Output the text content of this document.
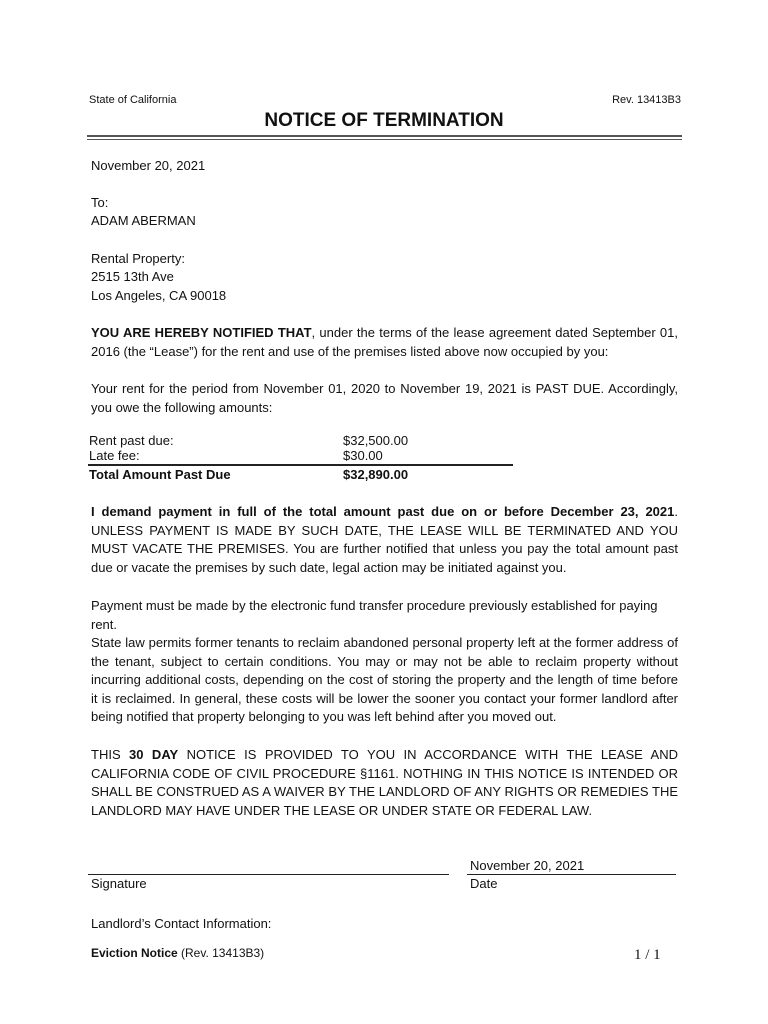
State of California	Rev. 13413B3
NOTICE OF TERMINATION
November 20, 2021
To:
ADAM ABERMAN
Rental Property:
2515 13th Ave
Los Angeles, CA 90018
YOU ARE HEREBY NOTIFIED THAT, under the terms of the lease agreement dated September 01, 2016 (the “Lease”) for the rent and use of the premises listed above now occupied by you:
Your rent for the period from November 01, 2020 to November 19, 2021 is PAST DUE. Accordingly, you owe the following amounts:
Rent past due:	$32,500.00
Late fee:	$30.00
Total Amount Past Due	$32,890.00
I demand payment in full of the total amount past due on or before December 23, 2021. UNLESS PAYMENT IS MADE BY SUCH DATE, THE LEASE WILL BE TERMINATED AND YOU MUST VACATE THE PREMISES. You are further notified that unless you pay the total amount past due or vacate the premises by such date, legal action may be initiated against you.
Payment must be made by the electronic fund transfer procedure previously established for paying rent.
State law permits former tenants to reclaim abandoned personal property left at the former address of the tenant, subject to certain conditions. You may or may not be able to reclaim property without incurring additional costs, depending on the cost of storing the property and the length of time before it is reclaimed. In general, these costs will be lower the sooner you contact your former landlord after being notified that property belonging to you was left behind after you moved out.
THIS 30 DAY NOTICE IS PROVIDED TO YOU IN ACCORDANCE WITH THE LEASE AND CALIFORNIA CODE OF CIVIL PROCEDURE §1161. NOTHING IN THIS NOTICE IS INTENDED OR SHALL BE CONSTRUED AS A WAIVER BY THE LANDLORD OF ANY RIGHTS OR REMEDIES THE LANDLORD MAY HAVE UNDER THE LEASE OR UNDER STATE OR FEDERAL LAW.
Signature
November 20, 2021
Date
Landlord’s Contact Information:
Eviction Notice (Rev. 13413B3)	1 / 1
